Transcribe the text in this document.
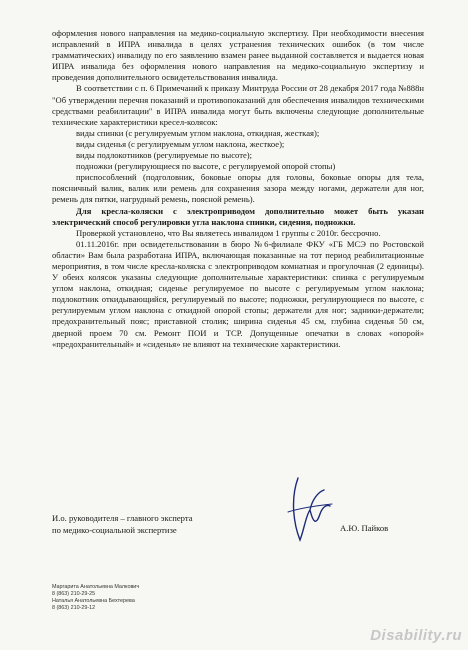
оформления нового направления на медико-социальную экспертизу. При необходимости внесения исправлений в ИПРА инвалида в целях устранения технических ошибок (в том числе грамматических) инвалиду по его заявлению взамен ранее выданной составляется и выдается новая ИПРА инвалида без оформления нового направления на медико-социальную экспертизу и проведения дополнительного освидетельствования инвалида.

В соответствии с п. 6 Примечаний к приказу Минтруда России от 28 декабря 2017 года №888н "Об утверждении перечня показаний и противопоказаний для обеспечения инвалидов техническими средствами реабилитации" в ИПРА инвалида могут быть включены следующие дополнительные технические характеристики кресел-колясок:

виды спинки (с регулируемым углом наклона, откидная, жесткая);

виды сиденья (с регулируемым углом наклона, жесткое);

виды подлокотников (регулируемые по высоте);

подножки (регулирующиеся по высоте, с регулируемой опорой стопы)

приспособлений (подголовник, боковые опоры для головы, боковые опоры для тела, поясничный валик, валик или ремень для сохранения зазора между ногами, держатели для ног, ремень для пятки, нагрудный ремень, поясной ремень).

Для кресла-коляски с электроприводом дополнительно может быть указан электрический способ регулировки угла наклона спинки, сидения, подножки.

Проверкой установлено, что Вы являетесь инвалидом 1 группы с 2010г. бессрочно.

01.11.2016г. при освидетельствовании в бюро №6-филиале ФКУ «ГБ МСЭ по Ростовской области» Вам была разработана ИПРА, включающая показанные на тот период реабилитационные мероприятия, в том числе кресла-коляска с электроприводом комнатная и прогулочная (2 единицы). У обеих колясок указаны следующие дополнительные характеристики: спинка с регулируемым углом наклона, откидная; сиденье регулируемое по высоте с регулируемым углом наклона; подлокотник откидывающийся, регулируемый по высоте; подножки, регулирующиеся по высоте, с регулируемым углом наклона с откидной опорой стопы; держатели для ног; задники-держатели; предохранительный пояс; приставной столик; ширина сиденья 45 см, глубина сиденья 50 см, дверной проем 70 см. Ремонт ПОИ и ТСР. Допущенные опечатки в словах «опорой» «предохранительный» и «сиденья» не влияют на технические характеристики.

И.о. руководителя – главного эксперта
по медико-социальной экспертизе	А.Ю. Пайков

Маргарита Анатольевна Малкович

8 (863) 210-29-25

Наталья Анатольевна Бехтерева

8 (863) 210-29-12

Disability.ru
